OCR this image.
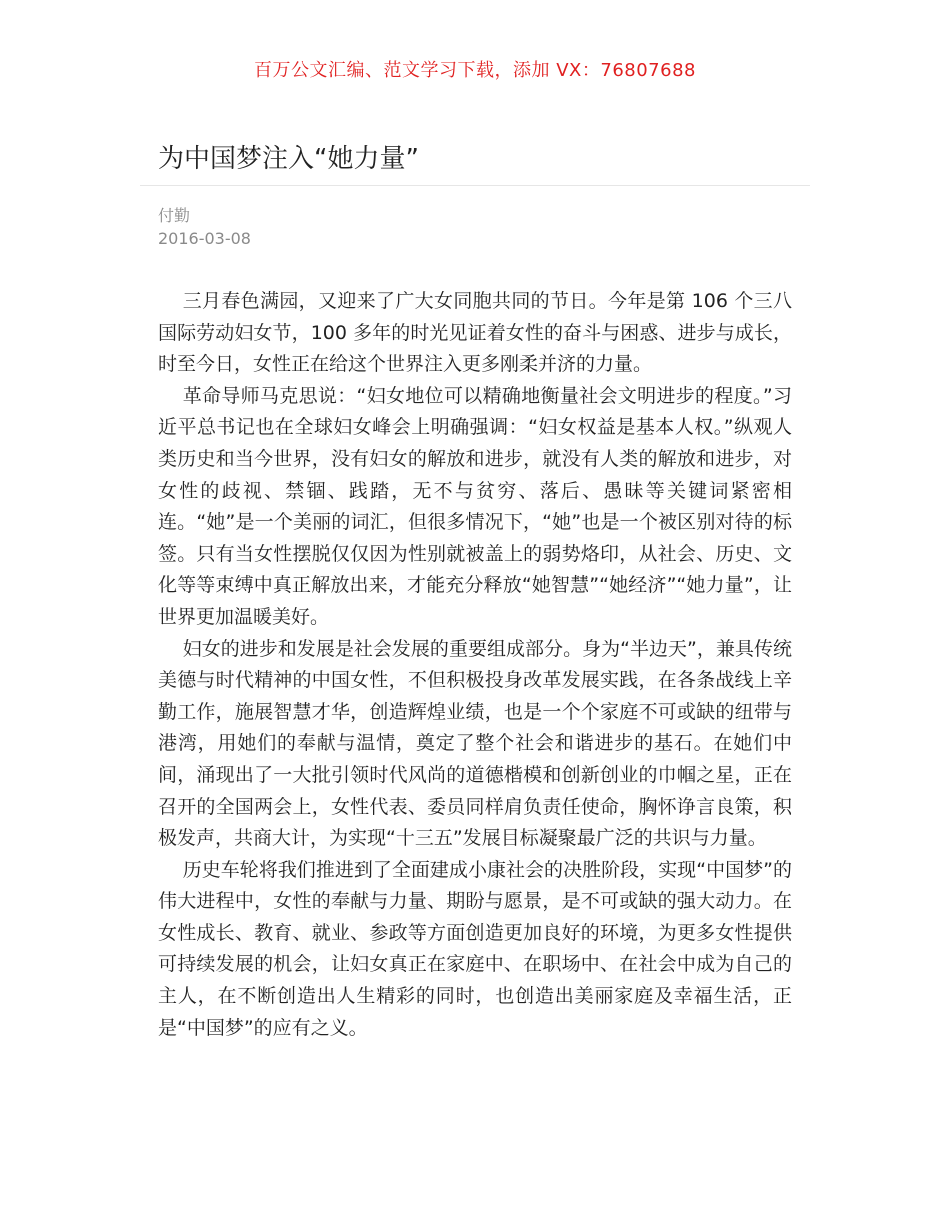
百万公文汇编、范文学习下载，添加 VX：76807688
为中国梦注入“她力量”
付勤
2016-03-08

三月春色满园，又迎来了广大女同胞共同的节日。今年是第 106 个三八国际劳动妇女节，100 多年的时光见证着女性的奋斗与困惑、进步与成长，时至今日，女性正在给这个世界注入更多刚柔并济的力量。

革命导师马克思说：“妇女地位可以精确地衡量社会文明进步的程度。”习近平总书记也在全球妇女峰会上明确强调：“妇女权益是基本人权。”纵观人类历史和当今世界，没有妇女的解放和进步，就没有人类的解放和进步，对女性的歧视、禁锢、践踏，无不与贫穷、落后、愚昧等关键词紧密相连。“她”是一个美丽的词汇，但很多情况下，“她”也是一个被区别对待的标签。只有当女性摆脱仅仅因为性别就被盖上的弱势烙印，从社会、历史、文化等等束缚中真正解放出来，才能充分释放“她智慧”“她经济”“她力量”，让世界更加温暖美好。

妇女的进步和发展是社会发展的重要组成部分。身为“半边天”，兼具传统美德与时代精神的中国女性，不但积极投身改革发展实践，在各条战线上辛勤工作，施展智慧才华，创造辉煌业绩，也是一个个家庭不可或缺的纽带与港湾，用她们的奉献与温情，奠定了整个社会和谐进步的基石。在她们中间，涌现出了一大批引领时代风尚的道德楷模和创新创业的巾帼之星，正在召开的全国两会上，女性代表、委员同样肩负责任使命，胸怀诤言良策，积极发声，共商大计，为实现“十三五”发展目标凝聚最广泛的共识与力量。

历史车轮将我们推进到了全面建成小康社会的决胜阶段，实现“中国梦”的伟大进程中，女性的奉献与力量、期盼与愿景，是不可或缺的强大动力。在女性成长、教育、就业、参政等方面创造更加良好的环境，为更多女性提供可持续发展的机会，让妇女真正在家庭中、在职场中、在社会中成为自己的主人，在不断创造出人生精彩的同时，也创造出美丽家庭及幸福生活，正是“中国梦”的应有之义。
